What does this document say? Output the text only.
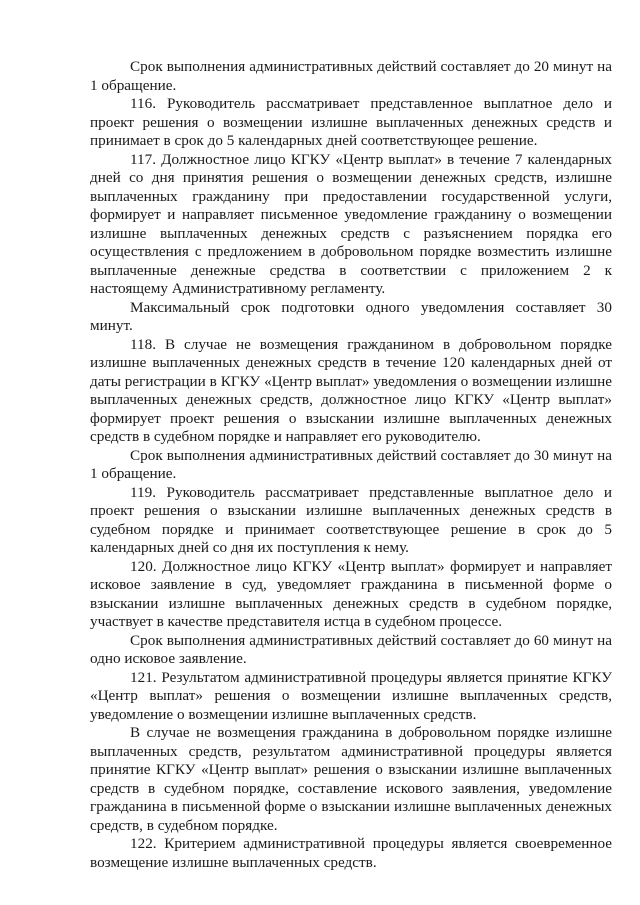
Срок выполнения административных действий составляет до 20 минут на 1 обращение.

116. Руководитель рассматривает представленное выплатное дело и проект решения о возмещении излишне выплаченных денежных средств и принимает в срок до 5 календарных дней соответствующее решение.

117. Должностное лицо КГКУ «Центр выплат» в течение 7 календарных дней со дня принятия решения о возмещении денежных средств, излишне выплаченных гражданину при предоставлении государственной услуги, формирует и направляет письменное уведомление гражданину о возмещении излишне выплаченных денежных средств с разъяснением порядка его осуществления с предложением в добровольном порядке возместить излишне выплаченные денежные средства в соответствии с приложением 2 к настоящему Административному регламенту.

Максимальный срок подготовки одного уведомления составляет 30 минут.

118. В случае не возмещения гражданином в добровольном порядке излишне выплаченных денежных средств в течение 120 календарных дней от даты регистрации в КГКУ «Центр выплат» уведомления о возмещении излишне выплаченных денежных средств, должностное лицо КГКУ «Центр выплат» формирует проект решения о взыскании излишне выплаченных денежных средств в судебном порядке и направляет его руководителю.

Срок выполнения административных действий составляет до 30 минут на 1 обращение.

119. Руководитель рассматривает представленные выплатное дело и проект решения о взыскании излишне выплаченных денежных средств в судебном порядке и принимает соответствующее решение в срок до 5 календарных дней со дня их поступления к нему.

120. Должностное лицо КГКУ «Центр выплат» формирует и направляет исковое заявление в суд, уведомляет гражданина в письменной форме о взыскании излишне выплаченных денежных средств в судебном порядке, участвует в качестве представителя истца в судебном процессе.

Срок выполнения административных действий составляет до 60 минут на одно исковое заявление.

121. Результатом административной процедуры является принятие КГКУ «Центр выплат» решения о возмещении излишне выплаченных средств, уведомление о возмещении излишне выплаченных средств.

В случае не возмещения гражданина в добровольном порядке излишне выплаченных средств, результатом административной процедуры является принятие КГКУ «Центр выплат» решения о взыскании излишне выплаченных средств в судебном порядке, составление искового заявления, уведомление гражданина в письменной форме о взыскании излишне выплаченных денежных средств, в судебном порядке.

122. Критерием административной процедуры является своевременное возмещение излишне выплаченных средств.
